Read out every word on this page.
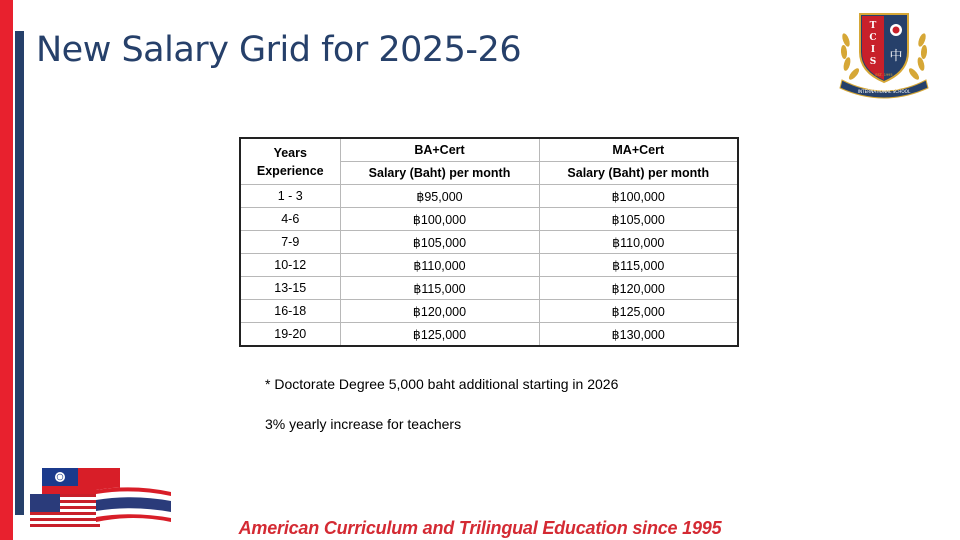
New Salary Grid for 2025-26
T
C
I
S 中
EST. 1995
INTERNATIONAL SCHOOL
Years Experience	BA+Cert	MA+Cert
	Salary (Baht) per month	Salary (Baht) per month
1 - 3	฿95,000	฿100,000
4-6	฿100,000	฿105,000
7-9	฿105,000	฿110,000
10-12	฿110,000	฿115,000
13-15	฿115,000	฿120,000
16-18	฿120,000	฿125,000
19-20	฿125,000	฿130,000
* Doctorate Degree 5,000 baht additional starting in 2026
3% yearly increase for teachers
American Curriculum and Trilingual Education since 1995
